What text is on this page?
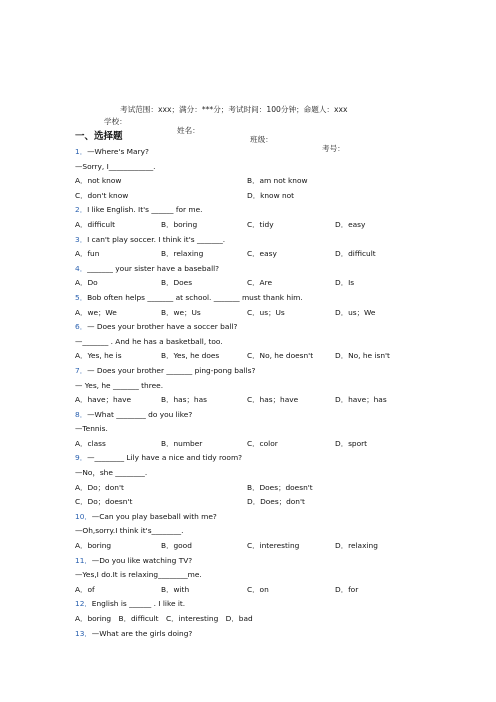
考试范围：xxx；满分：***分；考试时间：100分钟；命题人：xxx

学校：

姓名：

班级：

考号：

一、选择题
1．—Where's Mary?
—Sorry, I____________.
A．not know	B．am not know
C．don't know	D．know not
2．I like English. It's ______ for me.
A．difficult	B．boring	C．tidy	D．easy
3．I can't play soccer. I think it's _______.
A．fun	B．relaxing	C．easy	D．difficult
4．_______ your sister have a baseball?
A．Do	B．Does	C．Are	D．Is
5．Bob often helps _______ at school. _______ must thank him.
A．we；We	B．we；Us	C．us；Us	D．us；We
6．— Does your brother have a soccer ball?
—_______ . And he has a basketball, too.
A．Yes, he is	B．Yes, he does	C．No, he doesn't	D．No, he isn't
7．— Does your brother _______ ping-pong balls?
— Yes, he _______ three.
A．have；have	B．has；has	C．has；have	D．have；has
8．—What ________ do you like?
—Tennis.
A．class	B．number	C．color	D．sport
9．—________ Lily have a nice and tidy room?
—No，she ________.
A．Do；don't	B．Does；doesn't
C．Do；doesn't	D．Does；don't
10．—Can you play baseball with me?
—Oh,sorry.I think it's________.
A．boring	B．good	C．interesting	D．relaxing
11．—Do you like watching TV?
—Yes,I do.It is relaxing________me.
A．of	B．with	C．on	D．for
12．English is ______ . I like it.
A．boring　B．difficult　C．interesting　D．bad
13．—What are the girls doing?
